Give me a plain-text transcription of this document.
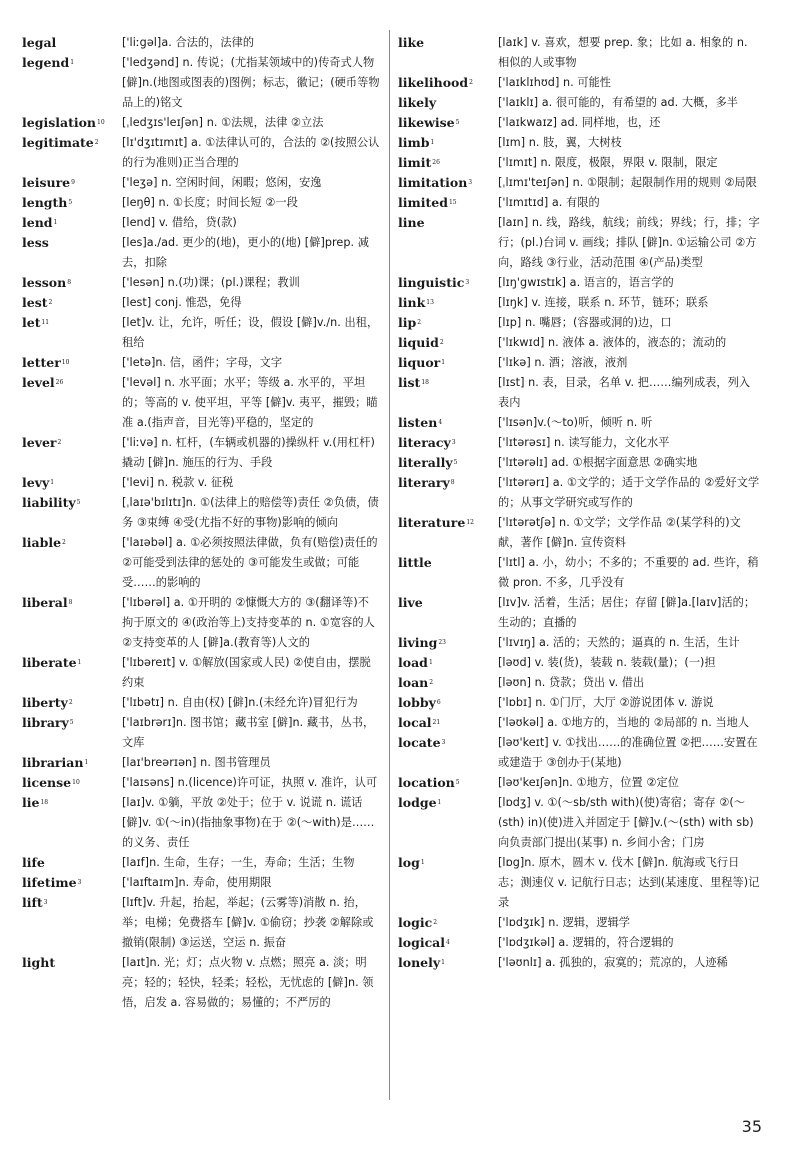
legal	['liːgəl]a. 合法的，法律的
legend$^1$	['ledʒənd] n. 传说；(尤指某领域中的)传奇式人物 [僻]n.(地图或图表的)图例；标志，徽记；(硬币等物品上的)铭文
legislation$^{10}$	[ˌledʒɪs'leɪʃən] n. ①法规，法律 ②立法
legitimate$^2$	[lɪ'dʒɪtɪmɪt] a. ①法律认可的，合法的 ②(按照公认的行为准则)正当合理的
leisure$^9$	['leʒə] n. 空闲时间，闲暇；悠闲，安逸
length$^5$	[leŋθ] n. ①长度；时间长短 ②一段
lend$^1$	[lend] v. 借给，贷(款)
less	[les]a./ad. 更少的(地)，更小的(地) [僻]prep. 减去，扣除
lesson$^8$	['lesən] n.(功)课；(pl.)课程；教训
lest$^2$	[lest] conj. 惟恐，免得
let$^{11}$	[let]v. 让，允许，听任；设，假设 [僻]v./n. 出租，租给
letter$^{10}$	['letə]n. 信，函件；字母，文字
level$^{26}$	['levəl] n. 水平面；水平；等级 a. 水平的，平坦的；等高的 v. 使平坦，平等 [僻]v. 夷平，摧毁；瞄准 a.(指声音，目光等)平稳的，坚定的
lever$^2$	['liːvə] n. 杠杆，(车辆或机器的)操纵杆 v.(用杠杆)撬动 [僻]n. 施压的行为、手段
levy$^1$	['levi] n. 税款 v. 征税
liability$^5$	[ˌlaɪə'bɪlɪtɪ]n. ①(法律上的赔偿等)责任 ②负债，债务 ③束缚 ④受(尤指不好的事物)影响的倾向
liable$^2$	['laɪəbəl] a. ①必须按照法律做，负有(赔偿)责任的 ②可能受到法律的惩处的 ③可能发生或做；可能受……的影响的
liberal$^8$	['lɪbərəl] a. ①开明的 ②慷慨大方的 ③(翻译等)不拘于原文的 ④(政治等上)支持变革的 n. ①宽容的人 ②支持变革的人 [僻]a.(教育等)人文的
liberate$^1$	['lɪbəreɪt] v. ①解放(国家或人民) ②使自由，摆脱约束
liberty$^2$	['lɪbətɪ] n. 自由(权) [僻]n.(未经允许)冒犯行为
library$^5$	['laɪbrərɪ]n. 图书馆；藏书室 [僻]n. 藏书，丛书，文库
librarian$^1$	[laɪ'breərɪən] n. 图书管理员
license$^{10}$	['laɪsəns] n.(licence)许可证，执照 v. 准许，认可
lie$^{18}$	[laɪ]v. ①躺，平放 ②处于；位于 v. 说谎 n. 谎话 [僻]v. ①(～in)(指抽象事物)在于 ②(～with)是……的义务、责任
life	[laɪf]n. 生命，生存；一生，寿命；生活；生物
lifetime$^3$	['laɪftaɪm]n. 寿命，使用期限
lift$^3$	[lɪft]v. 升起，抬起，举起；(云雾等)消散 n. 抬，举；电梯；免费搭车 [僻]v. ①偷窃；抄袭 ②解除或撤销(限制) ③运送，空运 n. 振奋
light	[laɪt]n. 光；灯；点火物 v. 点燃；照亮 a. 淡；明亮；轻的；轻快，轻柔；轻松，无忧虑的 [僻]n. 领悟，启发 a. 容易做的；易懂的；不严厉的
like	[laɪk] v. 喜欢，想要 prep. 象；比如 a. 相象的 n. 相似的人或事物
likelihood$^2$	['laɪklɪhʊd] n. 可能性
likely	['laɪklɪ] a. 很可能的，有希望的 ad. 大概，多半
likewise$^5$	['laɪkwaɪz] ad. 同样地，也，还
limb$^1$	[lɪm] n. 肢，翼，大树枝
limit$^{26}$	['lɪmɪt] n. 限度，极限，界限 v. 限制，限定
limitation$^3$	[ˌlɪmɪ'teɪʃən] n. ①限制；起限制作用的规则 ②局限
limited$^{15}$	['lɪmɪtɪd] a. 有限的
line	[laɪn] n. 线，路线，航线；前线；界线；行，排；字行；(pl.)台词 v. 画线；排队 [僻]n. ①运输公司 ②方向，路线 ③行业，活动范围 ④(产品)类型
linguistic$^3$	[lɪŋ'gwɪstɪk] a. 语言的，语言学的
link$^{13}$	[lɪŋk] v. 连接，联系 n. 环节，链环；联系
lip$^2$	[lɪp] n. 嘴唇；(容器或洞的)边，口
liquid$^2$	['lɪkwɪd] n. 液体 a. 液体的，液态的；流动的
liquor$^1$	['lɪkə] n. 酒；溶液，液剂
list$^{18}$	[lɪst] n. 表，目录，名单 v. 把……编列成表，列入表内
listen$^4$	['lɪsən]v.(～to)听，倾听 n. 听
literacy$^3$	['lɪtərəsɪ] n. 读写能力，文化水平
literally$^5$	['lɪtərəlɪ] ad. ①根据字面意思 ②确实地
literary$^8$	['lɪtərərɪ] a. ①文学的；适于文学作品的 ②爱好文学的；从事文学研究或写作的
literature$^{12}$	['lɪtərətʃə] n. ①文学；文学作品 ②(某学科的)文献，著作 [僻]n. 宣传资料
little	['lɪtl] a. 小，幼小；不多的；不重要的 ad. 些许，稍微 pron. 不多，几乎没有
live	[lɪv]v. 活着，生活；居住；存留 [僻]a.[laɪv]活的；生动的；直播的
living$^{23}$	['lɪvɪŋ] a. 活的；天然的；逼真的 n. 生活，生计
load$^1$	[ləʊd] v. 装(货)，装载 n. 装载(量)；(一)担
loan$^2$	[ləʊn] n. 贷款；贷出 v. 借出
lobby$^6$	['lɒbɪ] n. ①门厅，大厅 ②游说团体 v. 游说
local$^{21}$	['ləʊkəl] a. ①地方的，当地的 ②局部的 n. 当地人
locate$^3$	[ləʊ'keɪt] v. ①找出……的准确位置 ②把……安置在或建造于 ③创办于(某地)
location$^5$	[ləʊ'keɪʃən]n. ①地方，位置 ②定位
lodge$^1$	[lɒdʒ] v. ①(～sb/sth with)(使)寄宿；寄存 ②(～(sth) in)(使)进入并固定于 [僻]v.(～(sth) with sb)向负责部门提出(某事) n. 乡间小舍；门房
$\log^1$	[lɒg]n. 原木，圆木 v. 伐木 [僻]n. 航海或飞行日志；测速仪 v. 记航行日志；达到(某速度、里程等)记录
logic$^2$	['lɒdʒɪk] n. 逻辑，逻辑学
logical$^4$	['lɒdʒɪkəl] a. 逻辑的，符合逻辑的
lonely$^1$	['ləʊnlɪ] a. 孤独的，寂寞的；荒凉的，人迹稀
35
